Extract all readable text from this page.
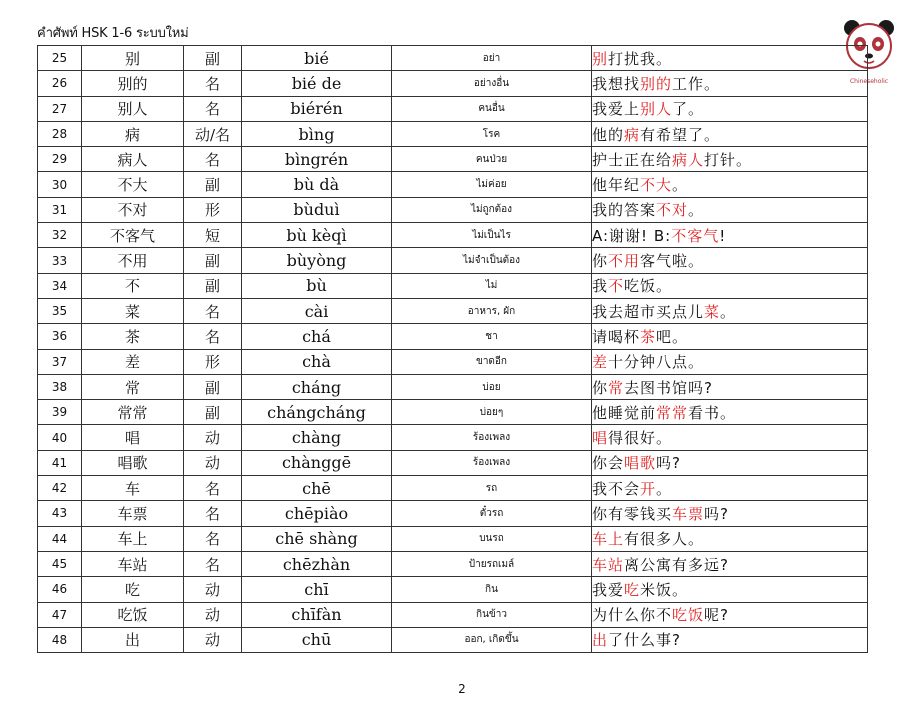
คำศัพท์ HSK 1-6 ระบบใหม่
Chineseholic
25	别	副	bié	อย่า	别打扰我。
26	别的	名	bié de	อย่างอื่น	我想找别的工作。
27	别人	名	biérén	คนอื่น	我爱上别人了。
28	病	动/名	bìng	โรค	他的病有希望了。
29	病人	名	bìngrén	คนป่วย	护士正在给病人打针。
30	不大	副	bù dà	ไม่ค่อย	他年纪不大。
31	不对	形	bùduì	ไม่ถูกต้อง	我的答案不对。
32	不客气	短	bù kèqì	ไม่เป็นไร	A:谢谢! B:不客气!
33	不用	副	bùyòng	ไม่จำเป็นต้อง	你不用客气啦。
34	不	副	bù	ไม่	我不吃饭。
35	菜	名	cài	อาหาร, ผัก	我去超市买点儿菜。
36	茶	名	chá	ชา	请喝杯茶吧。
37	差	形	chà	ขาดอีก	差十分钟八点。
38	常	副	cháng	บ่อย	你常去图书馆吗?
39	常常	副	chángcháng	บ่อยๆ	他睡觉前常常看书。
40	唱	动	chàng	ร้องเพลง	唱得很好。
41	唱歌	动	chànggē	ร้องเพลง	你会唱歌吗?
42	车	名	chē	รถ	我不会开。
43	车票	名	chēpiào	ตั๋วรถ	你有零钱买车票吗?
44	车上	名	chē shàng	บนรถ	车上有很多人。
45	车站	名	chēzhàn	ป้ายรถเมล์	车站离公寓有多远?
46	吃	动	chī	กิน	我爱吃米饭。
47	吃饭	动	chīfàn	กินข้าว	为什么你不吃饭呢?
48	出	动	chū	ออก, เกิดขึ้น	出了什么事?
2
